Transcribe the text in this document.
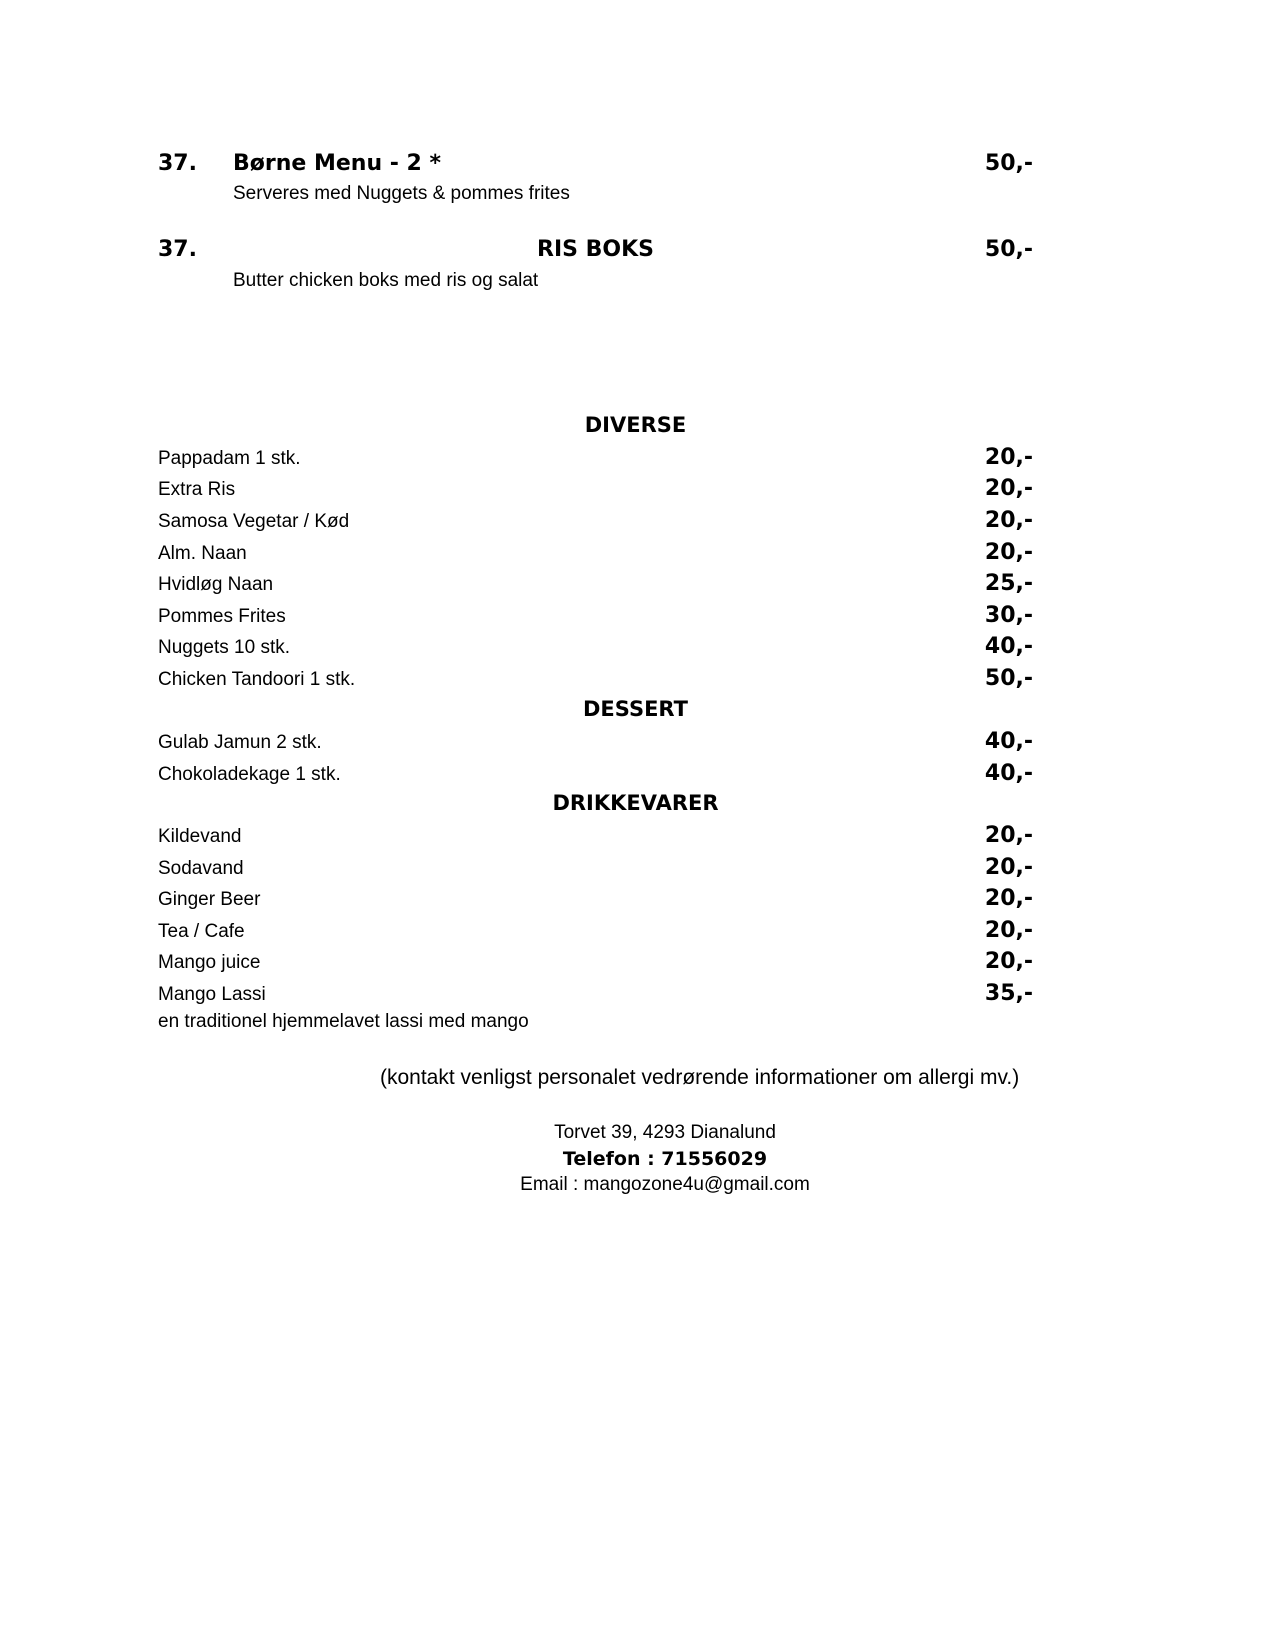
37. Børne Menu - 2 *	50,-
Serveres med Nuggets & pommes frites
37.	RIS BOKS	50,-
Butter chicken boks med ris og salat
DIVERSE
Pappadam 1 stk.	20,-
Extra Ris	20,-
Samosa Vegetar / Kød	20,-
Alm. Naan	20,-
Hvidløg Naan	25,-
Pommes Frites	30,-
Nuggets 10 stk.	40,-
Chicken Tandoori 1 stk.	50,-
DESSERT
Gulab Jamun 2 stk.	40,-
Chokoladekage 1 stk.	40,-
DRIKKEVARER
Kildevand	20,-
Sodavand	20,-
Ginger Beer	20,-
Tea / Cafe	20,-
Mango juice	20,-
Mango Lassi	35,-
en traditionel hjemmelavet lassi med mango
(kontakt venligst personalet vedrørende informationer om allergi mv.)
Torvet 39, 4293 Dianalund
Telefon : 71556029
Email : mangozone4u@gmail.com
